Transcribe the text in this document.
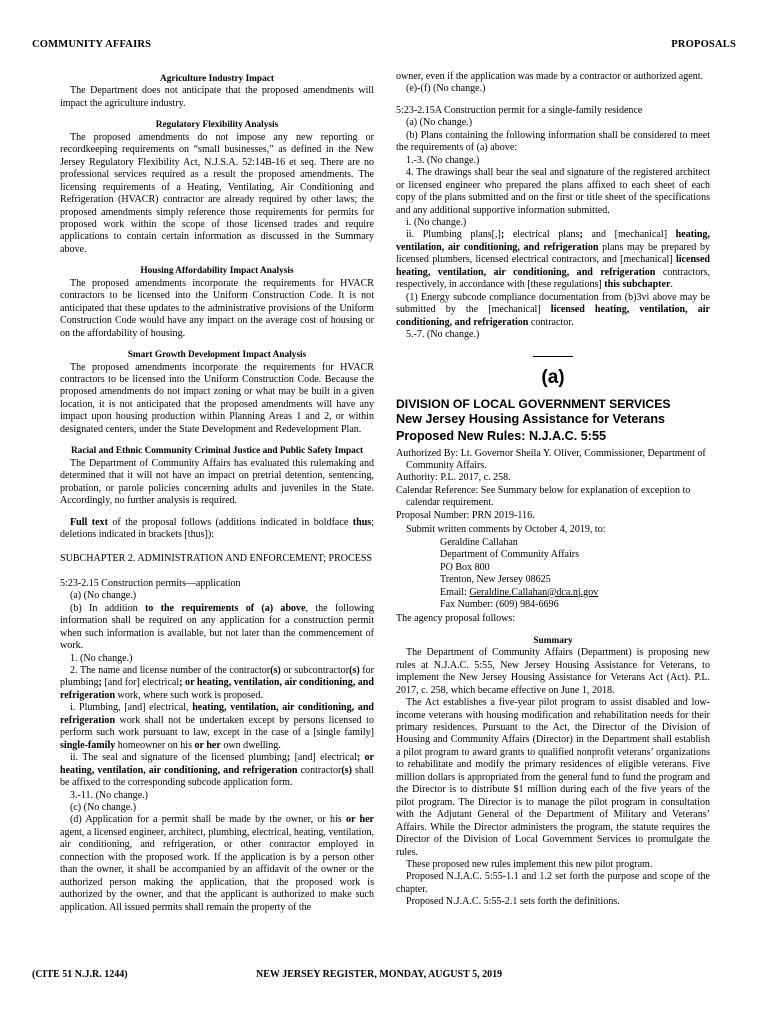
COMMUNITY AFFAIRS	PROPOSALS

Agriculture Industry Impact

The Department does not anticipate that the proposed amendments will impact the agriculture industry.

Regulatory Flexibility Analysis

The proposed amendments do not impose any new reporting or recordkeeping requirements on “small businesses,” as defined in the New Jersey Regulatory Flexibility Act, N.J.S.A. 52:14B-16 et seq. There are no professional services required as a result the proposed amendments. The licensing requirements of a Heating, Ventilating, Air Conditioning and Refrigeration (HVACR) contractor are already required by other laws; the proposed amendments simply reference those requirements for permits for proposed work within the scope of those licensed trades and require applications to contain certain information as discussed in the Summary above.

Housing Affordability Impact Analysis

The proposed amendments incorporate the requirements for HVACR contractors to be licensed into the Uniform Construction Code. It is not anticipated that these updates to the administrative provisions of the Uniform Construction Code would have any impact on the average cost of housing or on the affordability of housing.

Smart Growth Development Impact Analysis

The proposed amendments incorporate the requirements for HVACR contractors to be licensed into the Uniform Construction Code. Because the proposed amendments do not impact zoning or what may be built in a given location, it is not anticipated that the proposed amendments will have any impact upon housing production within Planning Areas 1 and 2, or within designated centers, under the State Development and Redevelopment Plan.

Racial and Ethnic Community Criminal Justice and Public Safety Impact

The Department of Community Affairs has evaluated this rulemaking and determined that it will not have an impact on pretrial detention, sentencing, probation, or parole policies concerning adults and juveniles in the State. Accordingly, no further analysis is required.

Full text of the proposal follows (additions indicated in boldface thus; deletions indicated in brackets [thus]):

SUBCHAPTER 2. ADMINISTRATION AND ENFORCEMENT; PROCESS

5:23-2.15 Construction permits—application

(a) (No change.)

(b) In addition to the requirements of (a) above, the following information shall be required on any application for a construction permit when such information is available, but not later than the commencement of work.

1. (No change.)

2. The name and license number of the contractor(s) or subcontractor(s) for plumbing; [and for] electrical; or heating, ventilation, air conditioning, and refrigeration work, where such work is proposed.

i. Plumbing, [and] electrical, heating, ventilation, air conditioning, and refrigeration work shall not be undertaken except by persons licensed to perform such work pursuant to law, except in the case of a [single family] single-family homeowner on his or her own dwelling.

ii. The seal and signature of the licensed plumbing; [and] electrical; or heating, ventilation, air conditioning, and refrigeration contractor(s) shall be affixed to the corresponding subcode application form.

3.-11. (No change.)

(c) (No change.)

(d) Application for a permit shall be made by the owner, or his or her agent, a licensed engineer, architect, plumbing, electrical, heating, ventilation, air conditioning, and refrigeration, or other contractor employed in connection with the proposed work. If the application is by a person other than the owner, it shall be accompanied by an affidavit of the owner or the authorized person making the application, that the proposed work is authorized by the owner, and that the applicant is authorized to make such application. All issued permits shall remain the property of the

owner, even if the application was made by a contractor or authorized agent.

(e)-(f) (No change.)

5:23-2.15A Construction permit for a single-family residence

(a) (No change.)

(b) Plans containing the following information shall be considered to meet the requirements of (a) above:

1.-3. (No change.)

4. The drawings shall bear the seal and signature of the registered architect or licensed engineer who prepared the plans affixed to each sheet of each copy of the plans submitted and on the first or title sheet of the specifications and any additional supportive information submitted.

i. (No change.)

ii. Plumbing plans[,]; electrical plans; and [mechanical] heating, ventilation, air conditioning, and refrigeration plans may be prepared by licensed plumbers, licensed electrical contractors, and [mechanical] licensed heating, ventilation, air conditioning, and refrigeration contractors, respectively, in accordance with [these regulations] this subchapter.

(1) Energy subcode compliance documentation from (b)3vi above may be submitted by the [mechanical] licensed heating, ventilation, air conditioning, and refrigeration contractor.

5.-7. (No change.)

(a)

DIVISION OF LOCAL GOVERNMENT SERVICES

New Jersey Housing Assistance for Veterans

Proposed New Rules: N.J.A.C. 5:55

Authorized By: Lt. Governor Sheila Y. Oliver, Commissioner, Department of Community Affairs.

Authority: P.L. 2017, c. 258.

Calendar Reference: See Summary below for explanation of exception to calendar requirement.

Proposal Number: PRN 2019-116.

Submit written comments by October 4, 2019, to:

Geraldine Callahan

Department of Community Affairs

PO Box 800

Trenton, New Jersey 08625

Email: Geraldine.Callahan@dca.nj.gov

Fax Number: (609) 984-6696

The agency proposal follows:

Summary

The Department of Community Affairs (Department) is proposing new rules at N.J.A.C. 5:55, New Jersey Housing Assistance for Veterans, to implement the New Jersey Housing Assistance for Veterans Act (Act). P.L. 2017, c. 258, which became effective on June 1, 2018.

The Act establishes a five-year pilot program to assist disabled and low-income veterans with housing modification and rehabilitation needs for their primary residences. Pursuant to the Act, the Director of the Division of Housing and Community Affairs (Director) in the Department shall establish a pilot program to award grants to qualified nonprofit veterans’ organizations to rehabilitate and modify the primary residences of eligible veterans. Five million dollars is appropriated from the general fund to fund the program and the Director is to distribute $1 million during each of the five years of the pilot program. The Director is to manage the pilot program in consultation with the Adjutant General of the Department of Military and Veterans’ Affairs. While the Director administers the program, the statute requires the Director of the Division of Local Government Services to promulgate the rules.

These proposed new rules implement this new pilot program.

Proposed N.J.A.C. 5:55-1.1 and 1.2 set forth the purpose and scope of the chapter.

Proposed N.J.A.C. 5:55-2.1 sets forth the definitions.

(CITE 51 N.J.R. 1244)	NEW JERSEY REGISTER, MONDAY, AUGUST 5, 2019
